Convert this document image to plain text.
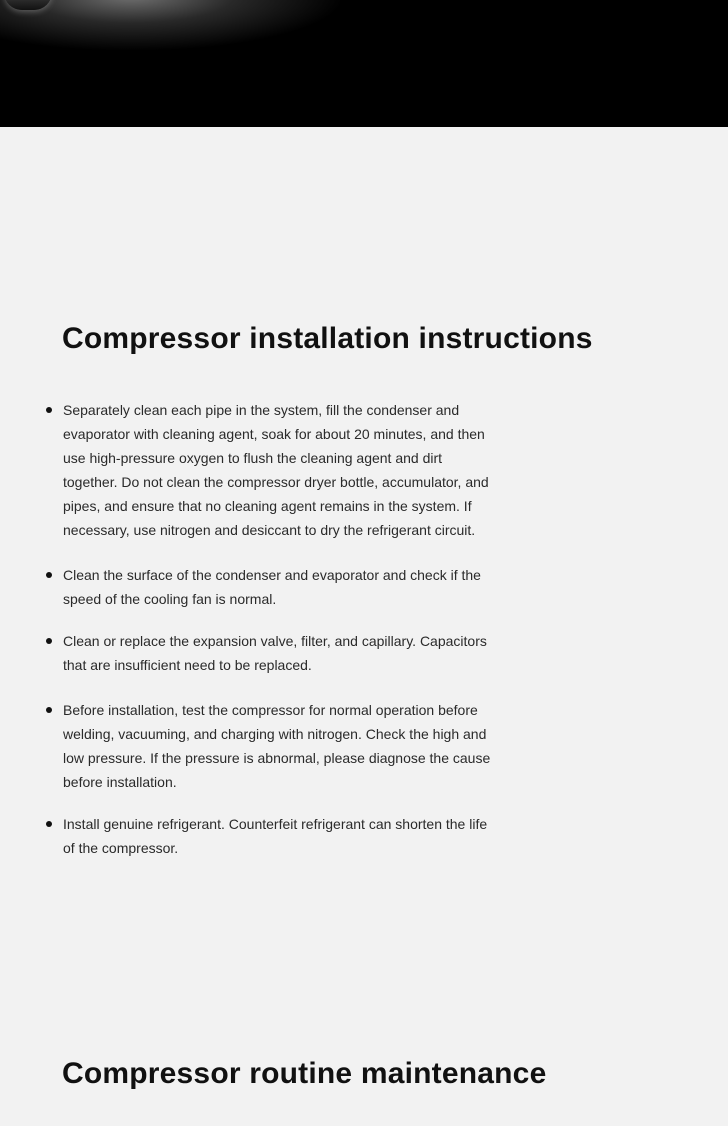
Compressor installation instructions
Separately clean each pipe in the system, fill the condenser and evaporator with cleaning agent, soak for about 20 minutes, and then use high-pressure oxygen to flush the cleaning agent and dirt together. Do not clean the compressor dryer bottle, accumulator, and pipes, and ensure that no cleaning agent remains in the system. If necessary, use nitrogen and desiccant to dry the refrigerant circuit.
Clean the surface of the condenser and evaporator and check if the speed of the cooling fan is normal.
Clean or replace the expansion valve, filter, and capillary. Capacitors that are insufficient need to be replaced.
Before installation, test the compressor for normal operation before welding, vacuuming, and charging with nitrogen. Check the high and low pressure. If the pressure is abnormal, please diagnose the cause before installation.
Install genuine refrigerant. Counterfeit refrigerant can shorten the life of the compressor.
Compressor routine maintenance
